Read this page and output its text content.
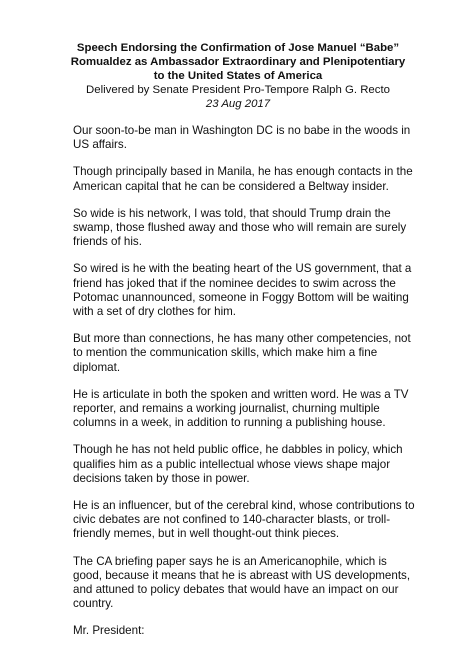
Speech Endorsing the Confirmation of Jose Manuel “Babe”
Romualdez as Ambassador Extraordinary and Plenipotentiary
to the United States of America
Delivered by Senate President Pro-Tempore Ralph G. Recto
23 Aug 2017

Our soon-to-be man in Washington DC is no babe in the woods in US affairs.

Though principally based in Manila, he has enough contacts in the American capital that he can be considered a Beltway insider.

So wide is his network, I was told, that should Trump drain the swamp, those flushed away and those who will remain are surely friends of his.

So wired is he with the beating heart of the US government, that a friend has joked that if the nominee decides to swim across the Potomac unannounced, someone in Foggy Bottom will be waiting with a set of dry clothes for him.

But more than connections, he has many other competencies, not to mention the communication skills, which make him a fine diplomat.

He is articulate in both the spoken and written word. He was a TV reporter, and remains a working journalist, churning multiple columns in a week, in addition to running a publishing house.

Though he has not held public office, he dabbles in policy, which qualifies him as a public intellectual whose views shape major decisions taken by those in power.

He is an influencer, but of the cerebral kind, whose contributions to civic debates are not confined to 140-character blasts, or troll-friendly memes, but in well thought-out think pieces.

The CA briefing paper says he is an Americanophile, which is good, because it means that he is abreast with US developments, and attuned to policy debates that would have an impact on our country.

Mr. President:
